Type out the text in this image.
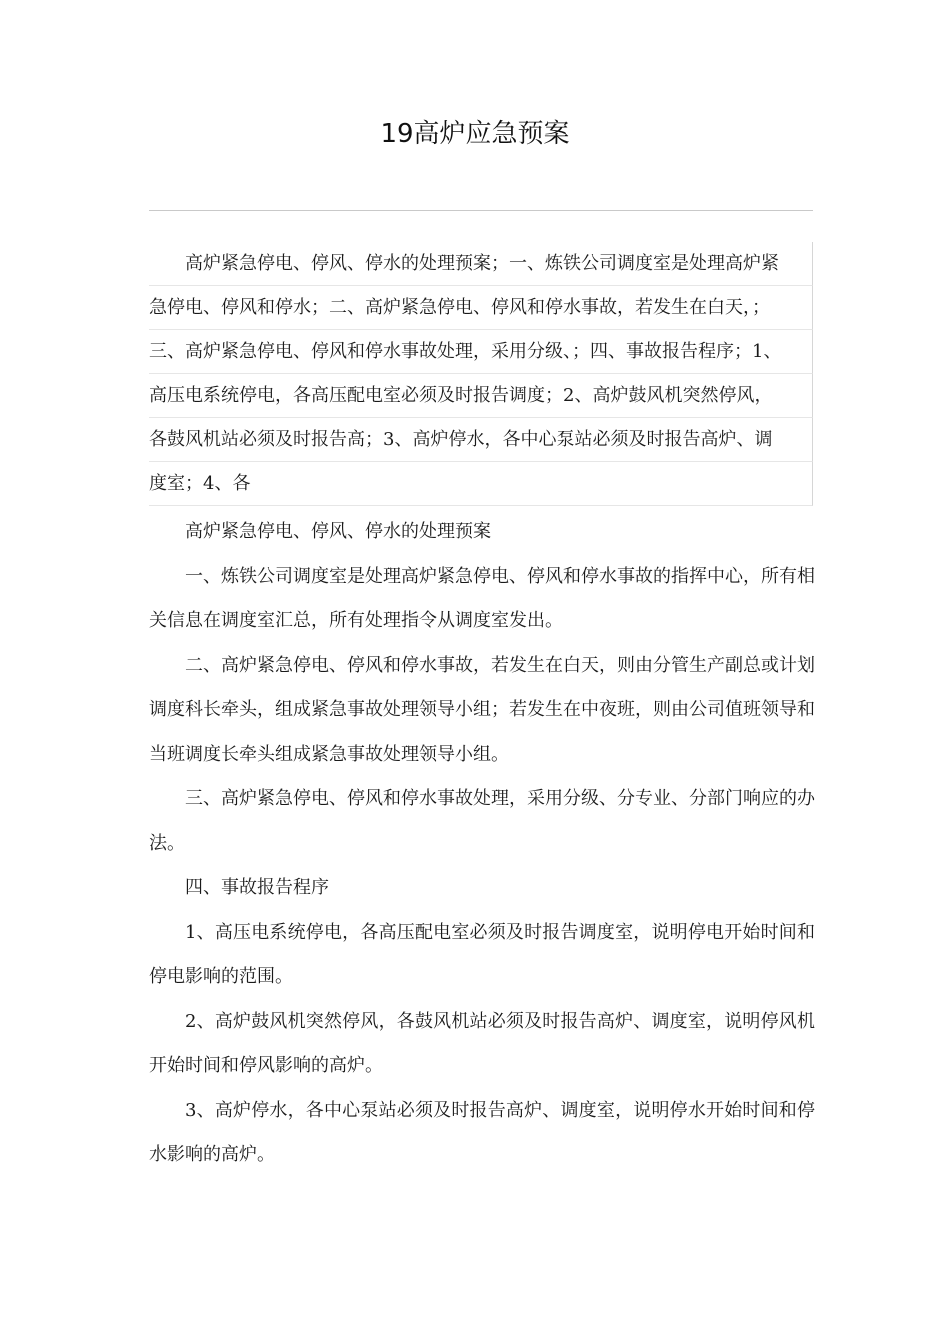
19高炉应急预案
高炉紧急停电、停风、停水的处理预案；一、炼铁公司调度室是处理高炉紧
急停电、停风和停水；二、高炉紧急停电、停风和停水事故，若发生在白天，；
三、高炉紧急停电、停风和停水事故处理，采用分级、；四、事故报告程序；1、
高压电系统停电，各高压配电室必须及时报告调度；2、高炉鼓风机突然停风，
各鼓风机站必须及时报告高；3、高炉停水，各中心泵站必须及时报告高炉、调
度室；4、各

高炉紧急停电、停风、停水的处理预案

一、炼铁公司调度室是处理高炉紧急停电、停风和停水事故的指挥中心，所有相关信息在调度室汇总，所有处理指令从调度室发出。

二、高炉紧急停电、停风和停水事故，若发生在白天，则由分管生产副总或计划调度科长牵头，组成紧急事故处理领导小组；若发生在中夜班，则由公司值班领导和当班调度长牵头组成紧急事故处理领导小组。

三、高炉紧急停电、停风和停水事故处理，采用分级、分专业、分部门响应的办法。

四、事故报告程序

1、高压电系统停电，各高压配电室必须及时报告调度室，说明停电开始时间和停电影响的范围。

2、高炉鼓风机突然停风，各鼓风机站必须及时报告高炉、调度室，说明停风机开始时间和停风影响的高炉。

3、高炉停水，各中心泵站必须及时报告高炉、调度室，说明停水开始时间和停水影响的高炉。
